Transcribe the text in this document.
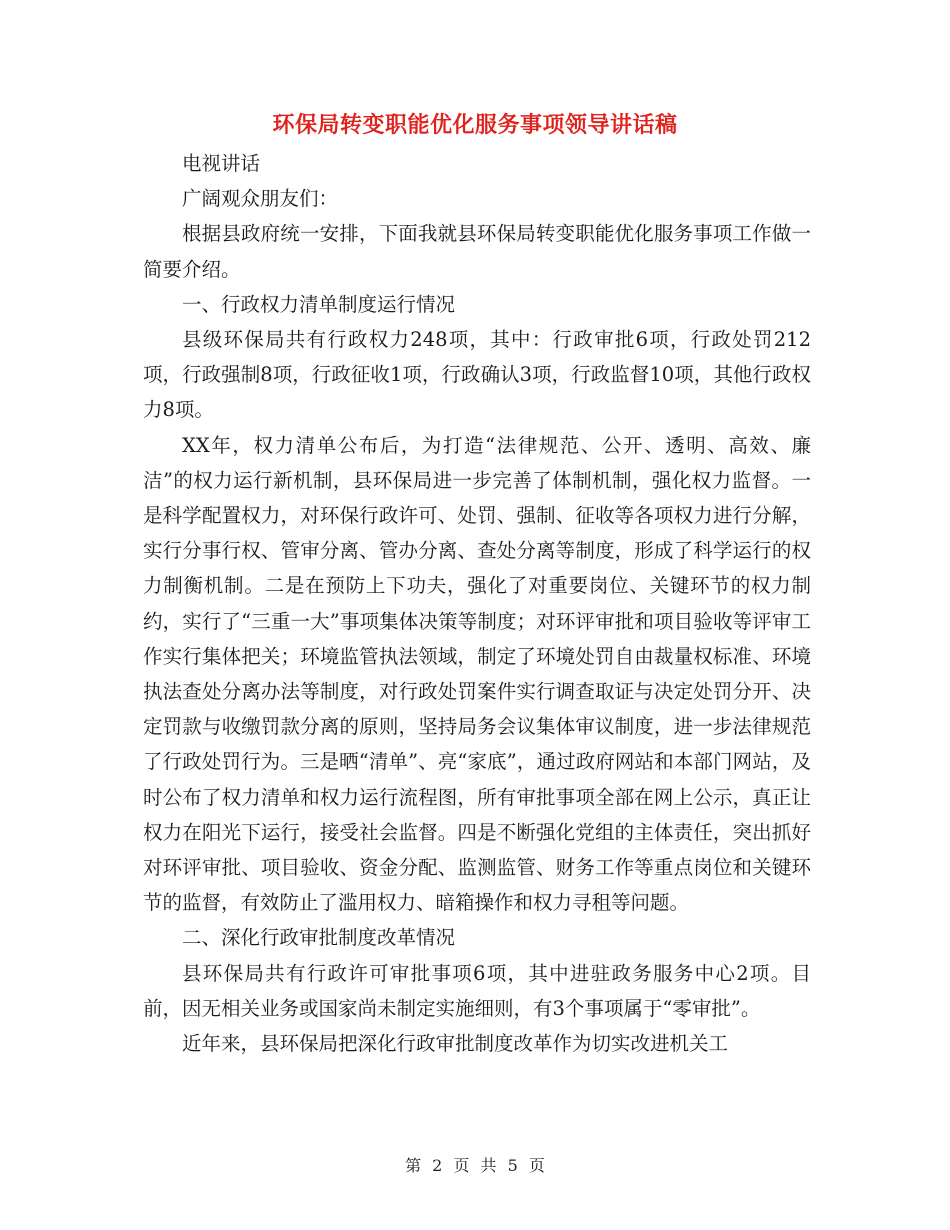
环保局转变职能优化服务事项领导讲话稿

电视讲话

广阔观众朋友们：

根据县政府统一安排，下面我就县环保局转变职能优化服务事项工作做一简要介绍。

一、行政权力清单制度运行情况

县级环保局共有行政权力248项，其中：行政审批6项，行政处罚212项，行政强制8项，行政征收1项，行政确认3项，行政监督10项，其他行政权力8项。

XX年，权力清单公布后，为打造“法律规范、公开、透明、高效、廉洁”的权力运行新机制，县环保局进一步完善了体制机制，强化权力监督。一是科学配置权力，对环保行政许可、处罚、强制、征收等各项权力进行分解，实行分事行权、管审分离、管办分离、查处分离等制度，形成了科学运行的权力制衡机制。二是在预防上下功夫，强化了对重要岗位、关键环节的权力制约，实行了“三重一大”事项集体决策等制度；对环评审批和项目验收等评审工作实行集体把关；环境监管执法领域，制定了环境处罚自由裁量权标准、环境执法查处分离办法等制度，对行政处罚案件实行调查取证与决定处罚分开、决定罚款与收缴罚款分离的原则，坚持局务会议集体审议制度，进一步法律规范了行政处罚行为。三是晒“清单”、亮“家底”，通过政府网站和本部门网站，及时公布了权力清单和权力运行流程图，所有审批事项全部在网上公示，真正让权力在阳光下运行，接受社会监督。四是不断强化党组的主体责任，突出抓好对环评审批、项目验收、资金分配、监测监管、财务工作等重点岗位和关键环节的监督，有效防止了滥用权力、暗箱操作和权力寻租等问题。

二、深化行政审批制度改革情况

县环保局共有行政许可审批事项6项，其中进驻政务服务中心2项。目前，因无相关业务或国家尚未制定实施细则，有3个事项属于“零审批”。

近年来，县环保局把深化行政审批制度改革作为切实改进机关工

第 2 页 共 5 页
